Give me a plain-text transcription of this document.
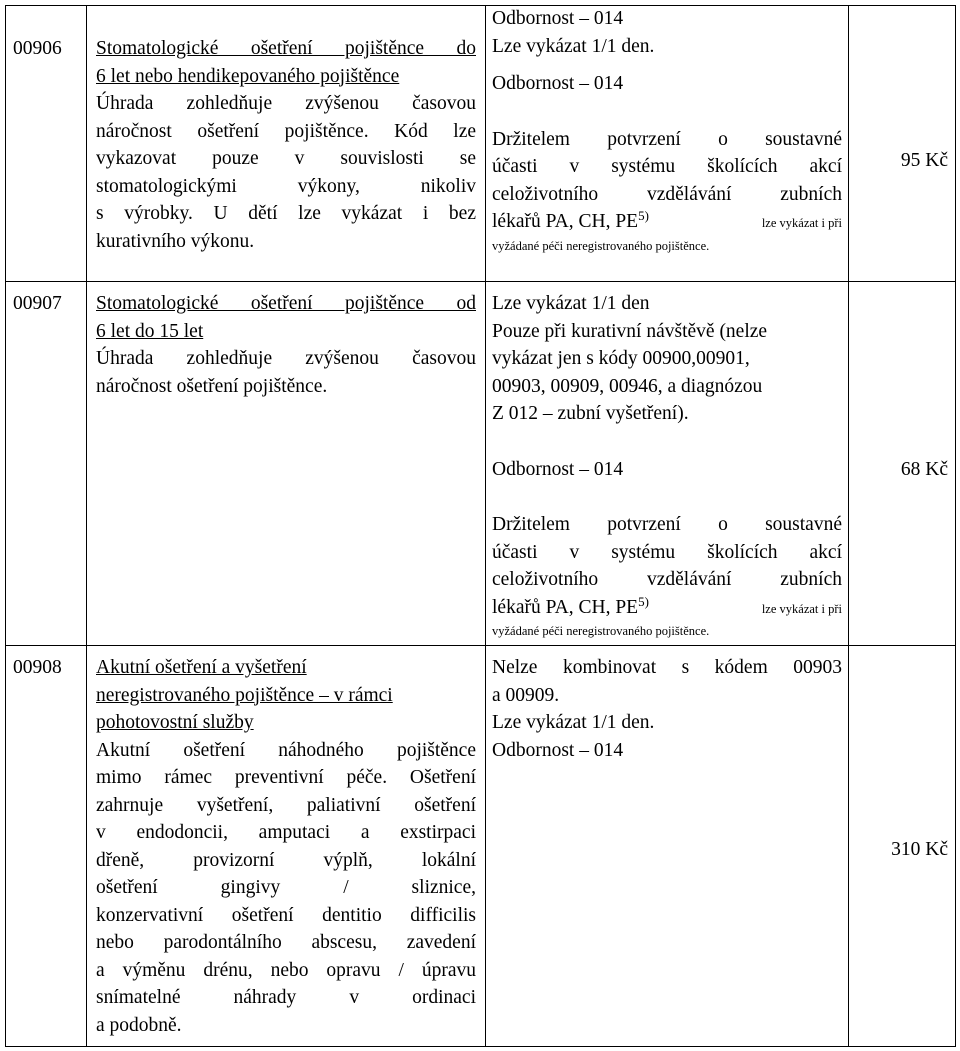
00906 Stomatologické ošetření pojištěnce do
6 let nebo hendikepovaného pojištěnce
Úhrada zohledňuje zvýšenou časovou
náročnost ošetření pojištěnce. Kód lze
vykazovat pouze v souvislosti se
stomatologickými výkony, nikoliv
s výrobky. U dětí lze vykázat i bez
kurativního výkonu.
Odbornost – 014
Lze vykázat 1/1 den.
Odbornost – 014
Držitelem potvrzení o soustavné
účasti v systému školících akcí
celoživotního vzdělávání zubních
lékařů PA, CH, PE$^{5)}$	lze vykázat i při
vyžádané péči neregistrovaného pojištěnce.
95 Kč
00907 Stomatologické ošetření pojištěnce od
6 let do 15 let
Úhrada zohledňuje zvýšenou časovou
náročnost ošetření pojištěnce.
Lze vykázat 1/1 den
Pouze při kurativní návštěvě (nelze
vykázat jen s kódy 00900,00901,
00903, 00909, 00946, a diagnózou
Z 012 – zubní vyšetření).
Odbornost – 014
Držitelem potvrzení o soustavné
účasti v systému školících akcí
celoživotního vzdělávání zubních
lékařů PA, CH, PE$^{5)}$	lze vykázat i při
vyžádané péči neregistrovaného pojištěnce.
68 Kč
00908 Akutní ošetření a vyšetření
neregistrovaného pojištěnce – v rámci
pohotovostní služby
Akutní ošetření náhodného pojištěnce
mimo rámec preventivní péče. Ošetření
zahrnuje vyšetření, paliativní ošetření
v endodoncii, amputaci a exstirpaci
dřeně, provizorní výplň, lokální
ošetření gingivy / sliznice,
konzervativní ošetření dentitio difficilis
nebo parodontálního abscesu, zavedení
a výměnu drénu, nebo opravu / úpravu
snímatelné náhrady v ordinaci
a podobně.
Nelze kombinovat s kódem 00903
a 00909.
Lze vykázat 1/1 den.
Odbornost – 014
310 Kč
